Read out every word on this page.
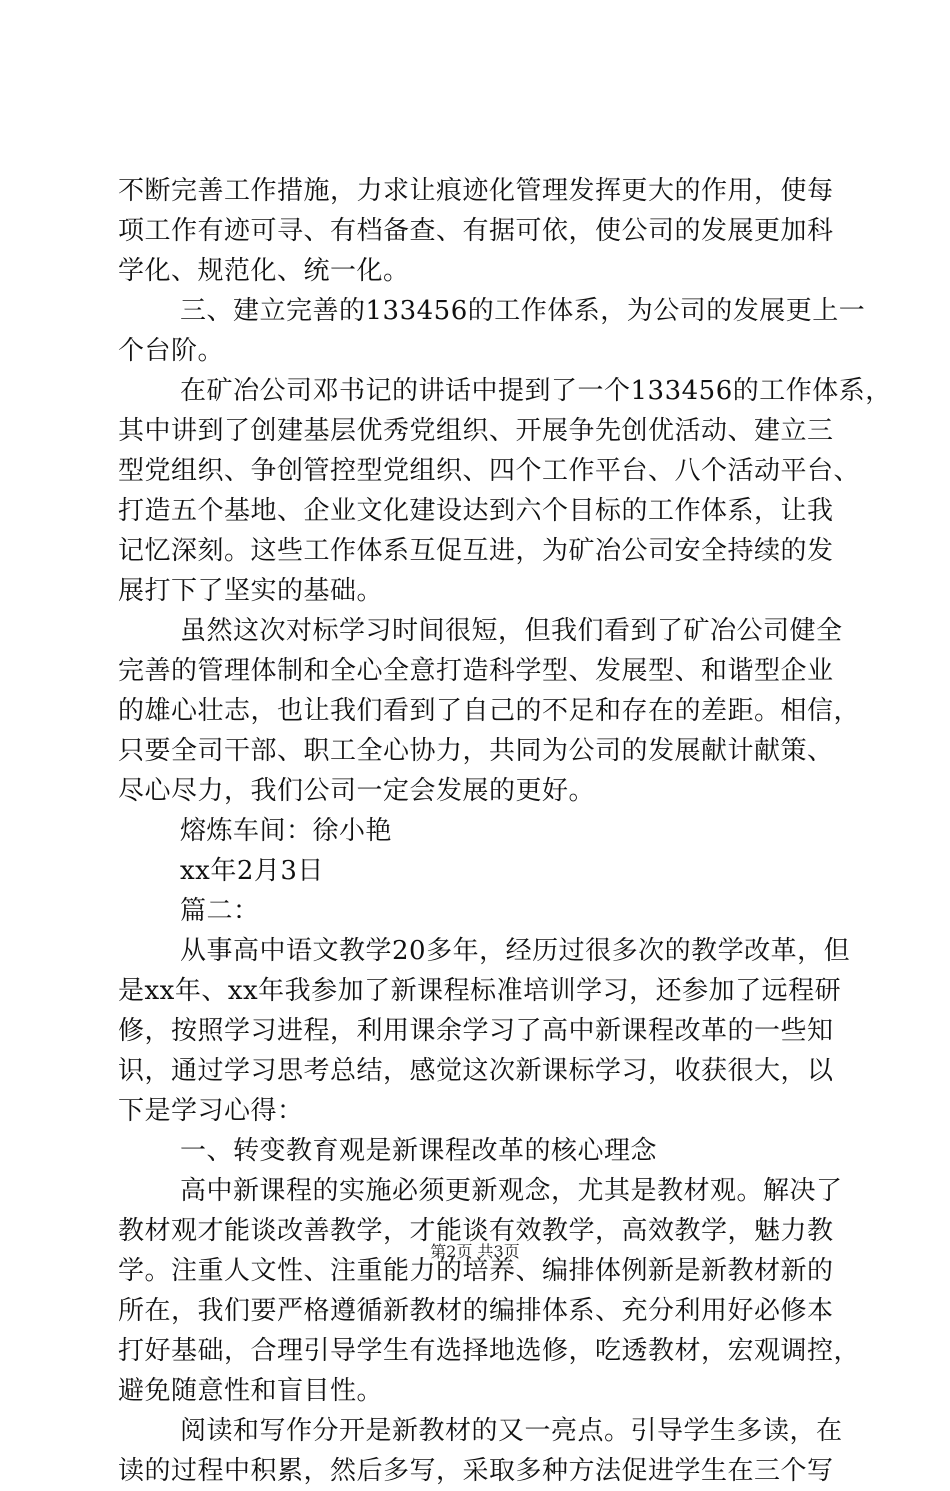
不断完善工作措施，力求让痕迹化管理发挥更大的作用，使每
项工作有迹可寻、有档备查、有据可依，使公司的发展更加科
学化、规范化、统一化。
三、建立完善的133456的工作体系，为公司的发展更上一
个台阶。
在矿冶公司邓书记的讲话中提到了一个133456的工作体系，
其中讲到了创建基层优秀党组织、开展争先创优活动、建立三
型党组织、争创管控型党组织、四个工作平台、八个活动平台、
打造五个基地、企业文化建设达到六个目标的工作体系，让我
记忆深刻。这些工作体系互促互进，为矿冶公司安全持续的发
展打下了坚实的基础。
虽然这次对标学习时间很短，但我们看到了矿冶公司健全
完善的管理体制和全心全意打造科学型、发展型、和谐型企业
的雄心壮志，也让我们看到了自己的不足和存在的差距。相信，
只要全司干部、职工全心协力，共同为公司的发展献计献策、
尽心尽力，我们公司一定会发展的更好。
熔炼车间：徐小艳
xx年2月3日
篇二：
从事高中语文教学20多年，经历过很多次的教学改革，但
是xx年、xx年我参加了新课程标准培训学习，还参加了远程研
修，按照学习进程，利用课余学习了高中新课程改革的一些知
识，通过学习思考总结，感觉这次新课标学习，收获很大，以
下是学习心得：
一、转变教育观是新课程改革的核心理念
高中新课程的实施必须更新观念，尤其是教材观。解决了
教材观才能谈改善教学，才能谈有效教学，高效教学，魅力教
学。注重人文性、注重能力的培养、编排体例新是新教材新的
所在，我们要严格遵循新教材的编排体系、充分利用好必修本
打好基础，合理引导学生有选择地选修，吃透教材，宏观调控，
避免随意性和盲目性。
阅读和写作分开是新教材的又一亮点。引导学生多读，在
读的过程中积累，然后多写，采取多种方法促进学生在三个写
第2页 共3页
